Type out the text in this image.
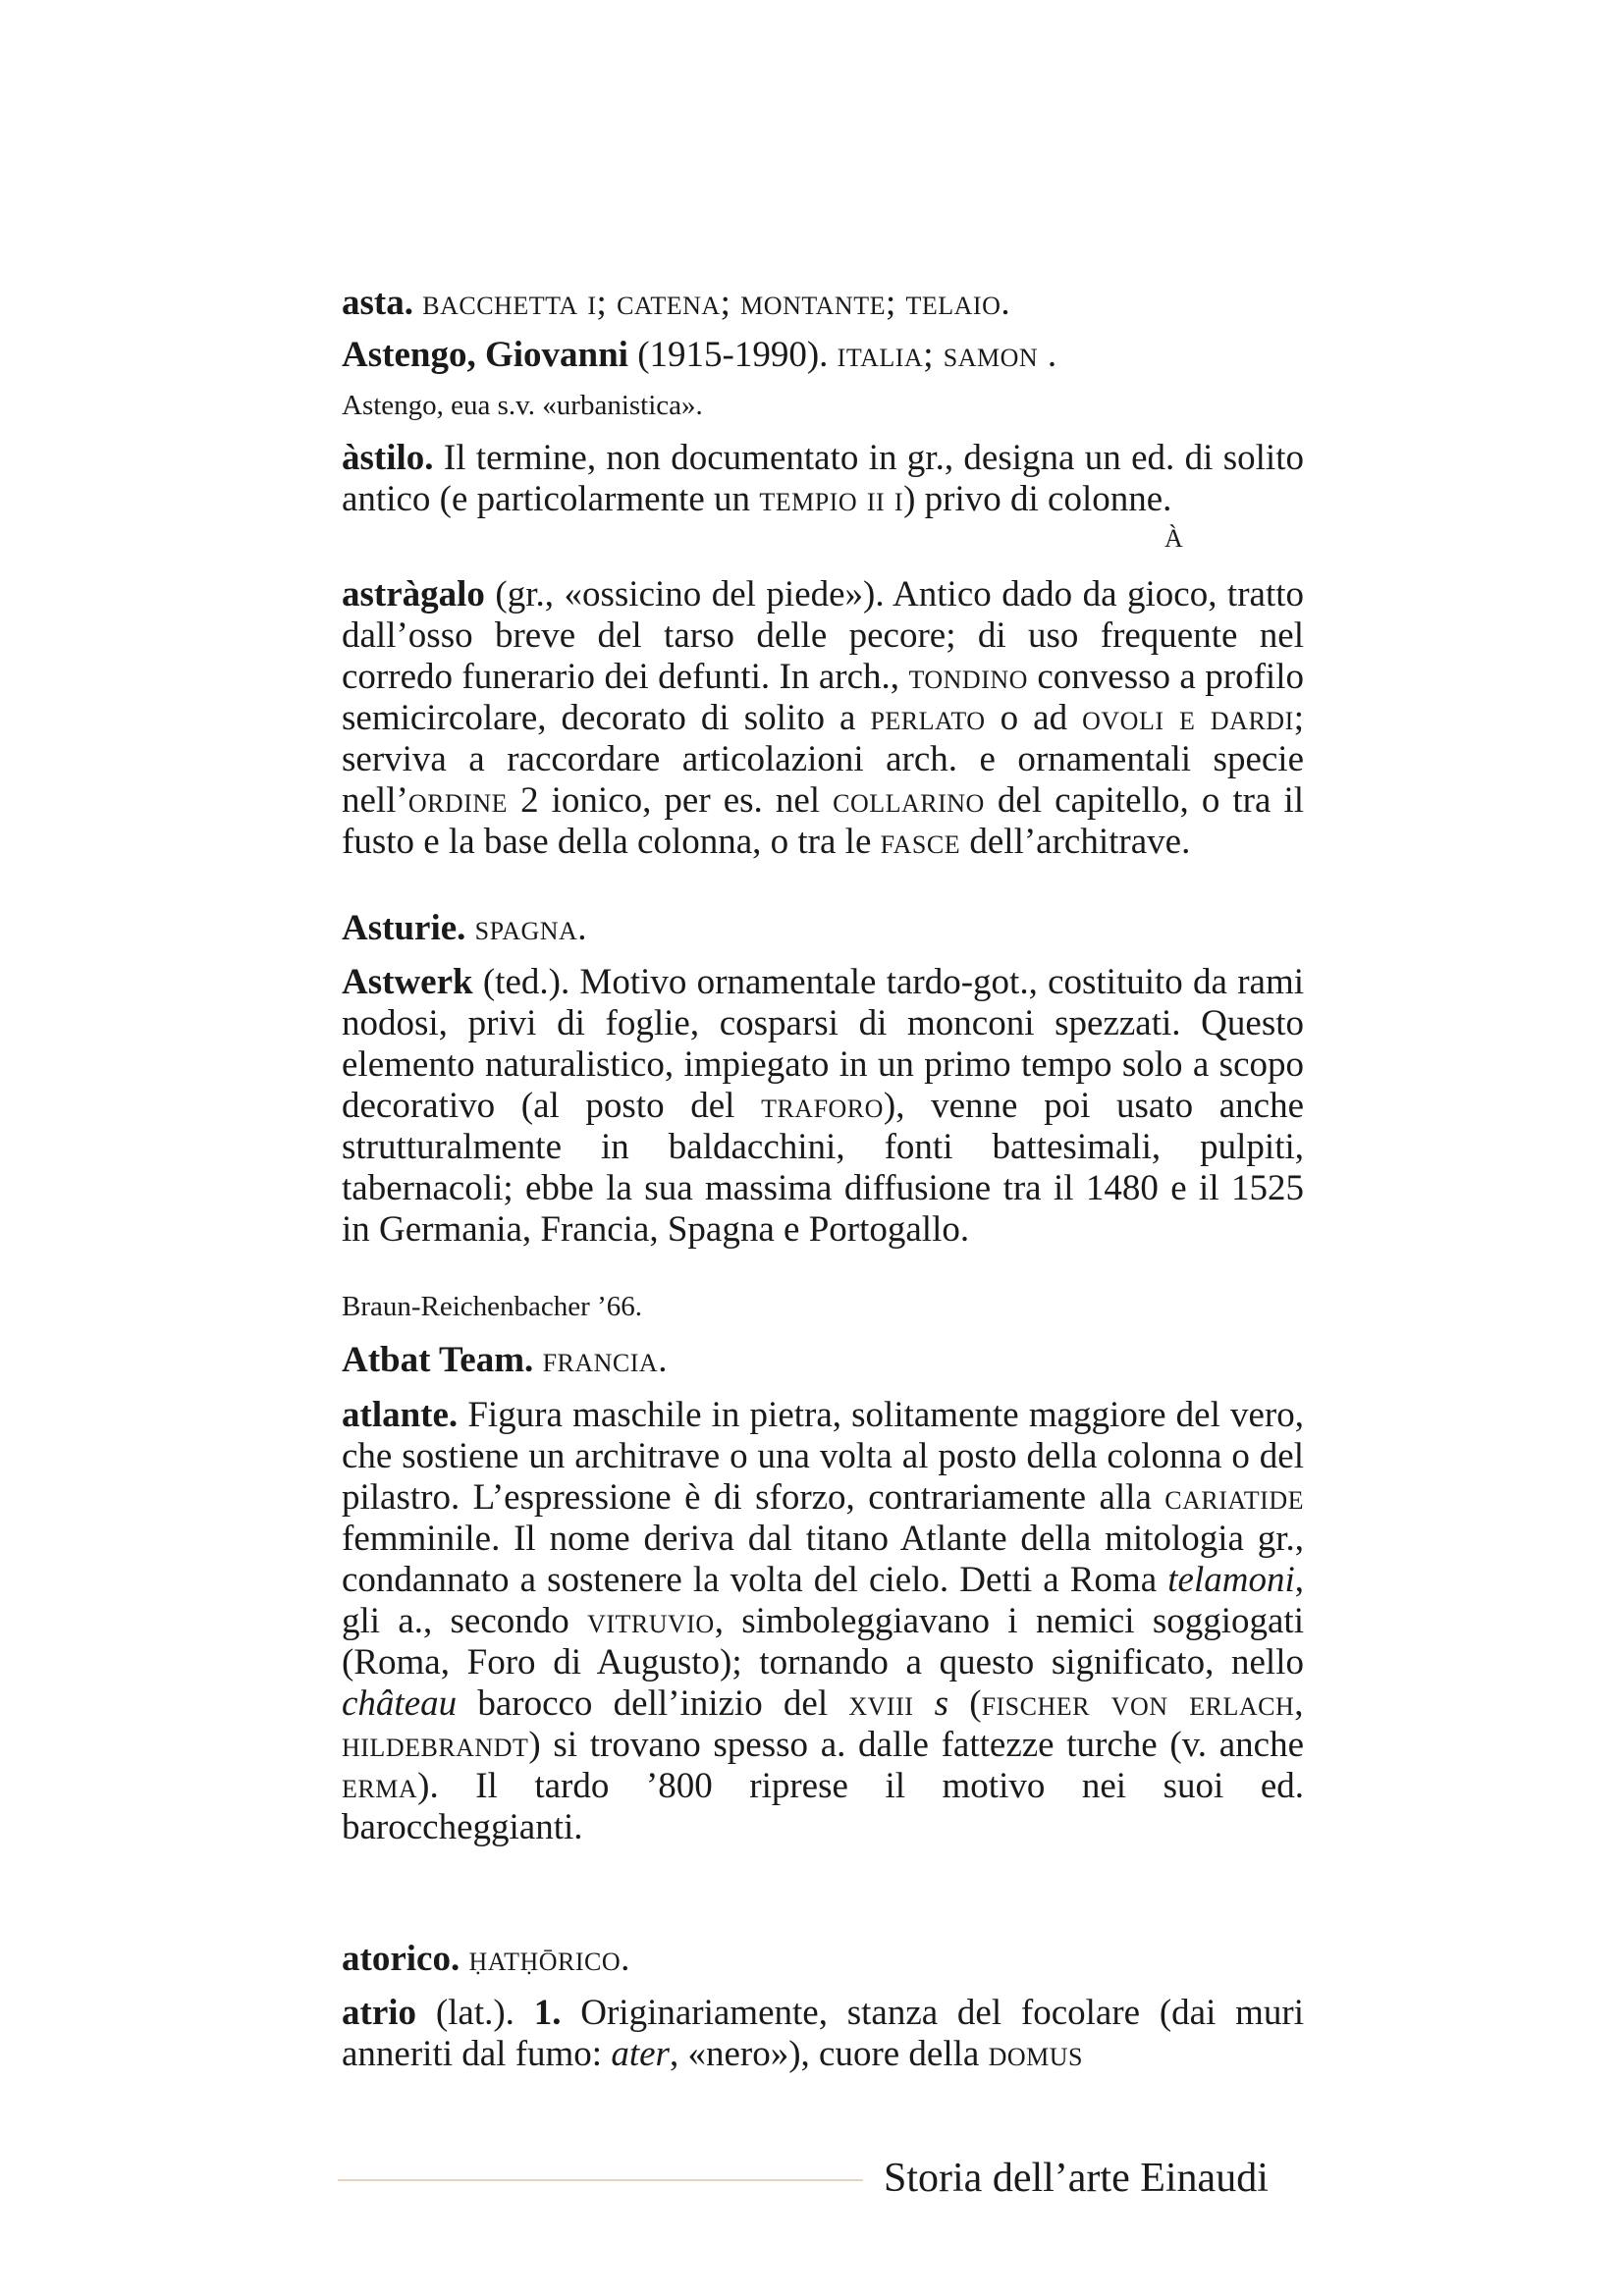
asta. bacchetta i; catena; montante; telaio.

Astengo, Giovanni (1915-1990). italia; samon .

Astengo, eua s.v. «urbanistica».

àstilo. Il termine, non documentato in gr., designa un ed. di solito antico (e particolarmente un tempio ii i) privo di colonne.

À

astràgalo (gr., «ossicino del piede»). Antico dado da gioco, tratto dall’osso breve del tarso delle pecore; di uso frequente nel corredo funerario dei defunti. In arch., tondino convesso a profilo semicircolare, decorato di solito a perlato o ad ovoli e dardi; serviva a raccordare articolazioni arch. e ornamentali specie nell’ordine 2 ionico, per es. nel collarino del capitello, o tra il fusto e la base della colonna, o tra le fasce dell’architrave.

Asturie. spagna.

Astwerk (ted.). Motivo ornamentale tardo-got., costituito da rami nodosi, privi di foglie, cosparsi di monconi spezzati. Questo elemento naturalistico, impiegato in un primo tempo solo a scopo decorativo (al posto del traforo), venne poi usato anche strutturalmente in baldacchini, fonti battesimali, pulpiti, tabernacoli; ebbe la sua massima diffusione tra il 1480 e il 1525 in Germania, Francia, Spagna e Portogallo.

Braun-Reichenbacher ’66.

Atbat Team. francia.

atlante. Figura maschile in pietra, solitamente maggiore del vero, che sostiene un architrave o una volta al posto della colonna o del pilastro. L’espressione è di sforzo, contrariamente alla cariatide femminile. Il nome deriva dal titano Atlante della mitologia gr., condannato a sostenere la volta del cielo. Detti a Roma telamoni, gli a., secondo vitruvio, simboleggiavano i nemici soggiogati (Roma, Foro di Augusto); tornando a questo significato, nello château barocco dell’inizio del xviii s (fischer von erlach, hildebrandt) si trovano spesso a. dalle fattezze turche (v. anche erma). Il tardo ’800 riprese il motivo nei suoi ed. baroccheggianti.

atorico. ḥatḥōrico.

atrio (lat.). 1. Originariamente, stanza del focolare (dai muri anneriti dal fumo: ater, «nero»), cuore della domus

Storia dell’arte Einaudi
